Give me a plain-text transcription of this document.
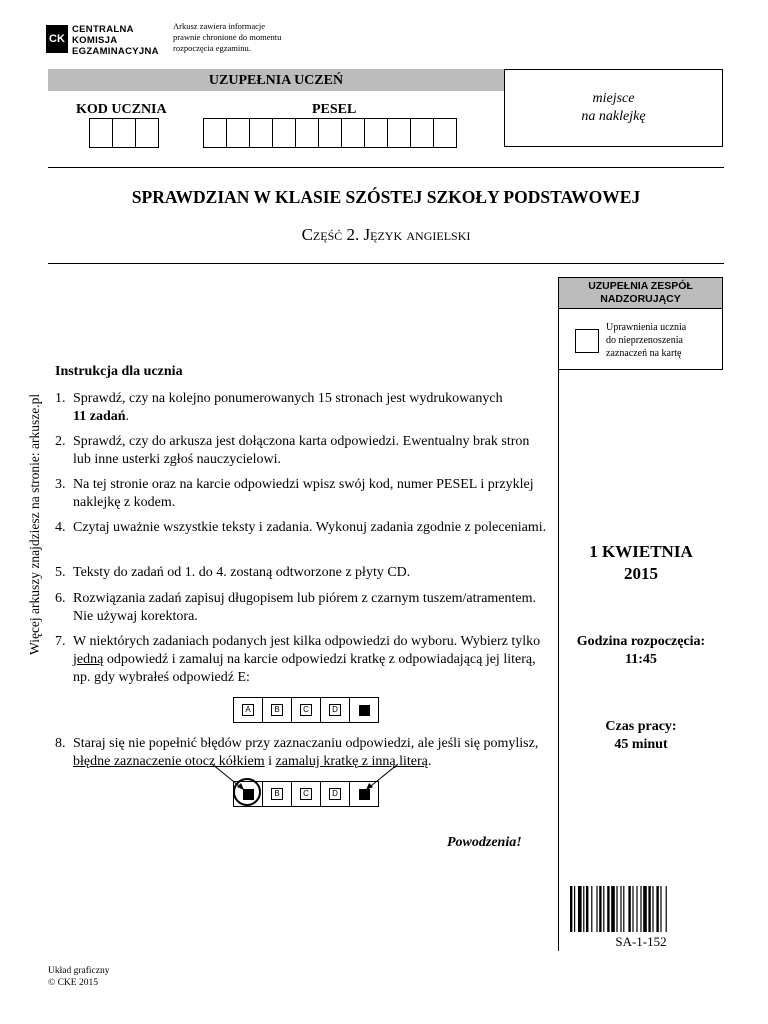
CK
CENTRALNA
KOMISJA
EGZAMINACYJNA
Arkusz zawiera informacje
prawnie chronione do momentu
rozpoczęcia egzaminu.
UZUPEŁNIA UCZEŃ
KOD UCZNIA	PESEL
miejsce
na naklejkę
SPRAWDZIAN W KLASIE SZÓSTEJ SZKOŁY PODSTAWOWEJ
Część 2. Język angielski
UZUPEŁNIA ZESPÓŁ
NADZORUJĄCY
Uprawnienia ucznia
do nieprzenoszenia
zaznaczeń na kartę
1 KWIETNIA
2015
Godzina rozpoczęcia:
11:45
Czas pracy:
45 minut
SA-1-152
Więcej arkuszy znajdziesz na stronie: arkusze.pl
Instrukcja dla ucznia
1. Sprawdź, czy na kolejno ponumerowanych 15 stronach jest wydrukowanych
11 zadań.
2. Sprawdź, czy do arkusza jest dołączona karta odpowiedzi. Ewentualny brak stron lub inne usterki zgłoś nauczycielowi.
3. Na tej stronie oraz na karcie odpowiedzi wpisz swój kod, numer PESEL i przyklej naklejkę z kodem.
4. Czytaj uważnie wszystkie teksty i zadania. Wykonuj zadania zgodnie z poleceniami.
5. Teksty do zadań od 1. do 4. zostaną odtworzone z płyty CD.
6. Rozwiązania zadań zapisuj długopisem lub piórem z czarnym tuszem/atramentem. Nie używaj korektora.
7. W niektórych zadaniach podanych jest kilka odpowiedzi do wyboru. Wybierz tylko jedną odpowiedź i zamaluj na karcie odpowiedzi kratkę z odpowiadającą jej literą, np. gdy wybrałeś odpowiedź E:
A	B	C	D
8. Staraj się nie popełnić błędów przy zaznaczaniu odpowiedzi, ale jeśli się pomylisz, błędne zaznaczenie otocz kółkiem i zamaluj kratkę z inną literą.
B	C	D
Powodzenia!
Układ graficzny
© CKE 2015
